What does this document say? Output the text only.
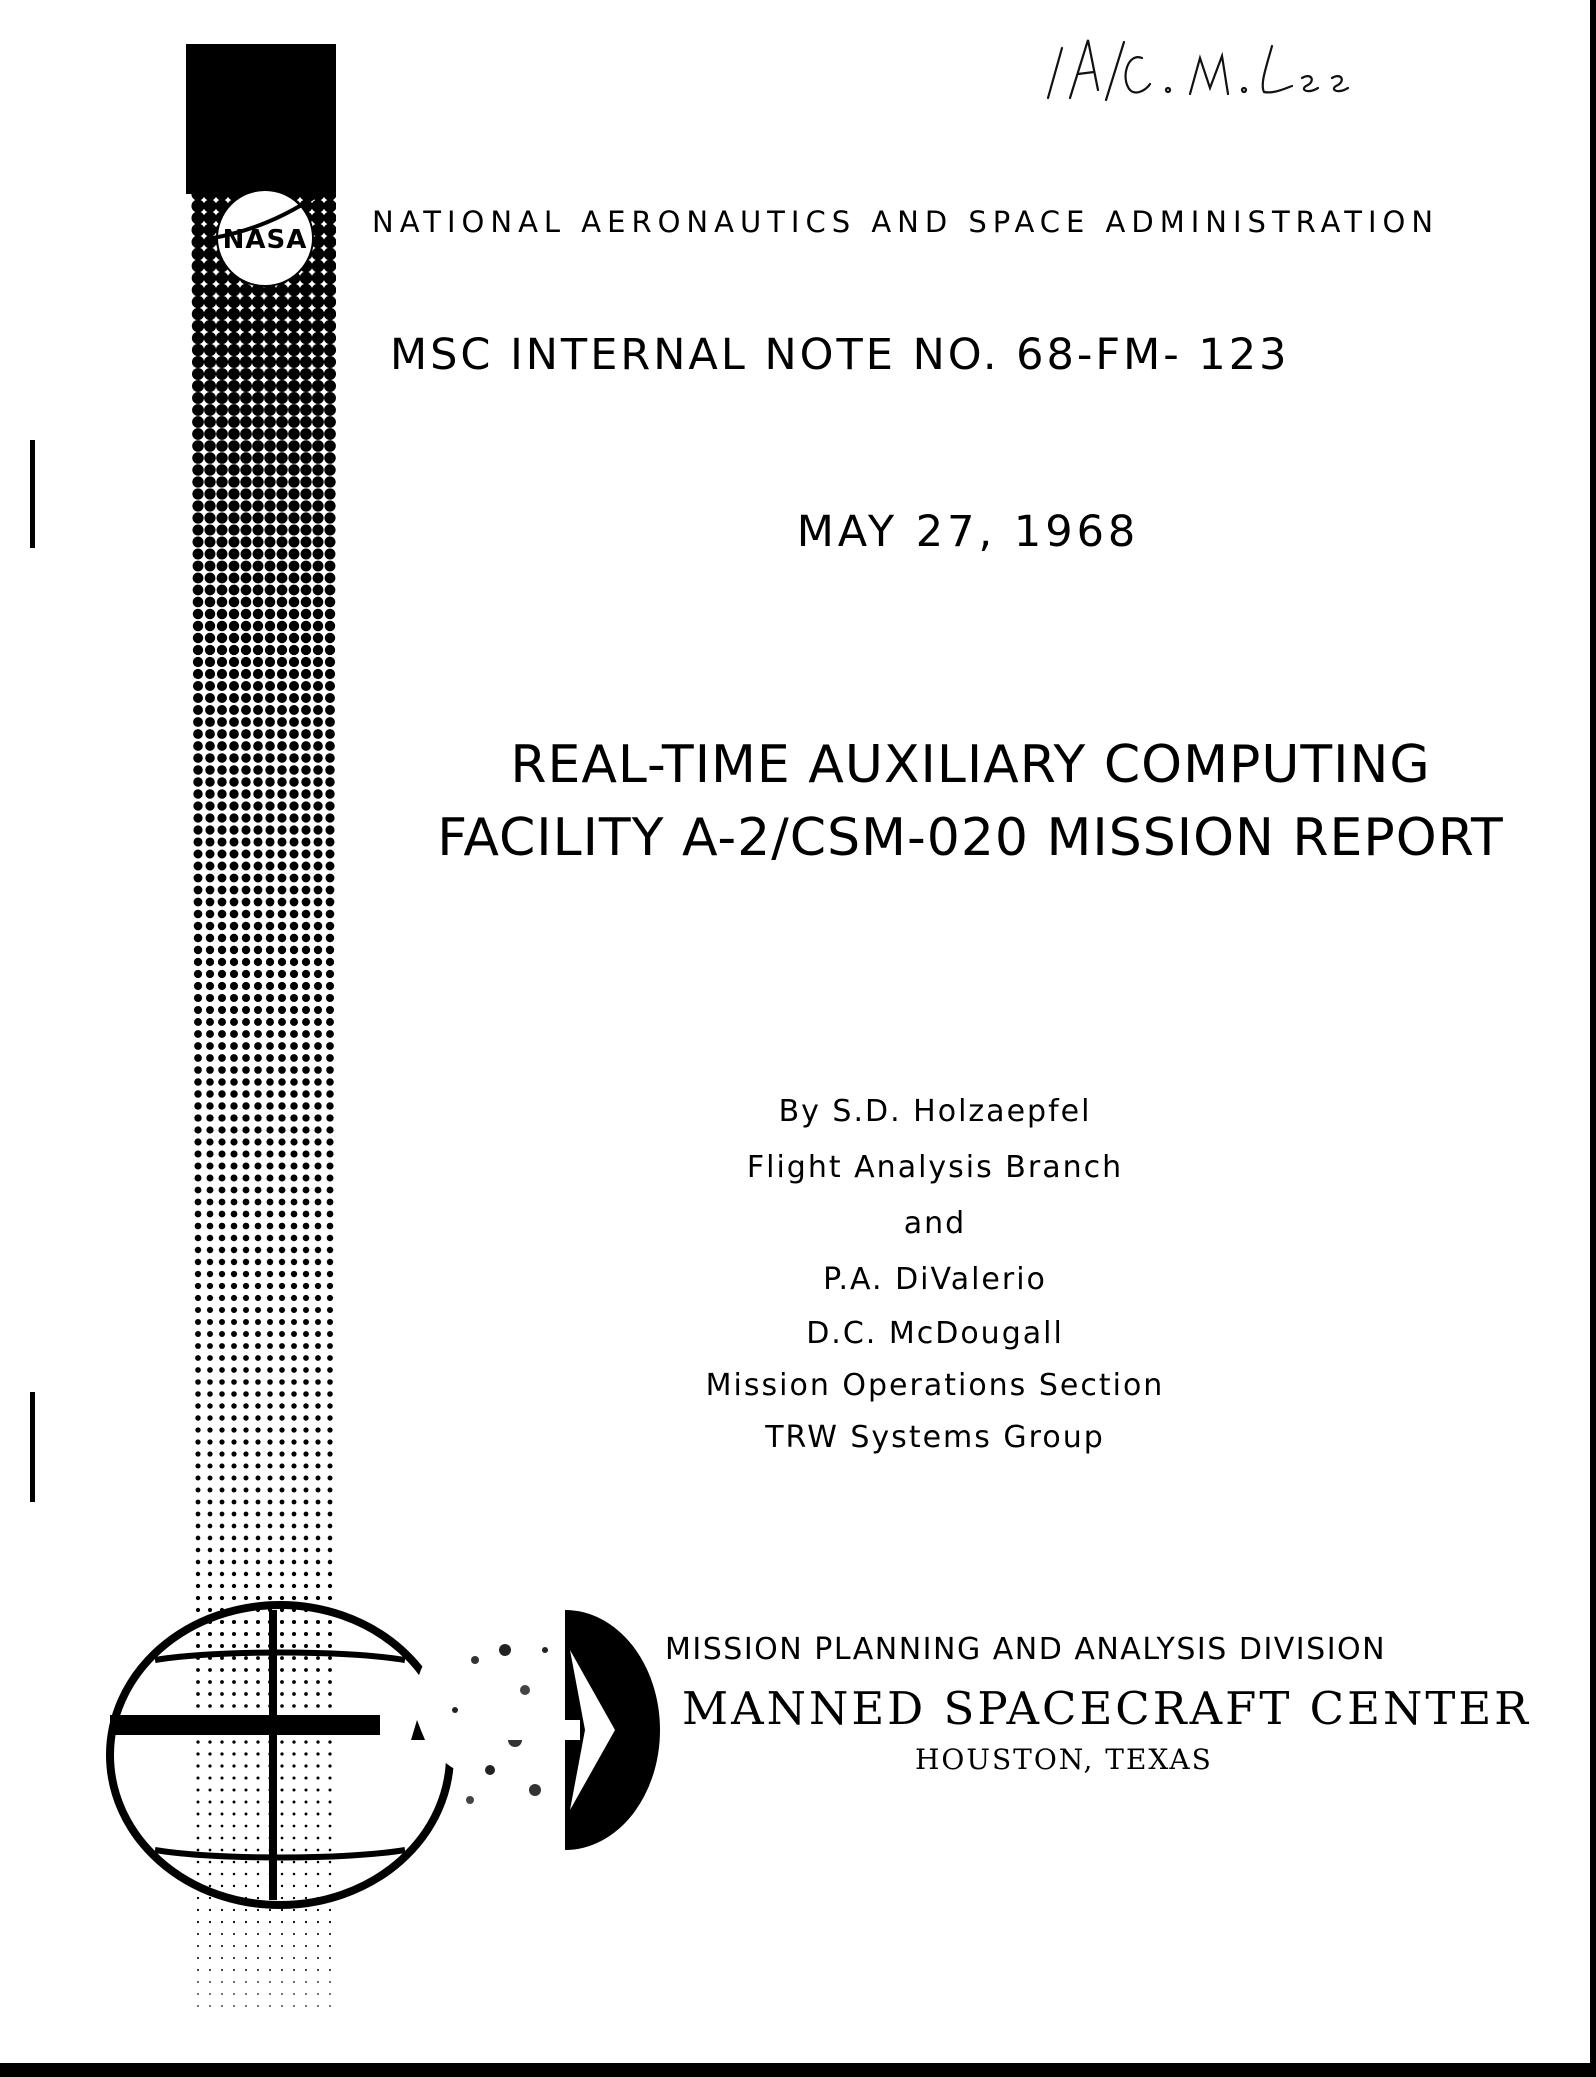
NASA
NATIONAL AERONAUTICS AND SPACE ADMINISTRATION
MSC INTERNAL NOTE NO. 68-FM- 123
MAY 27, 1968
REAL-TIME AUXILIARY COMPUTING
FACILITY A-2/CSM-020 MISSION REPORT
By S.D. Holzaepfel
Flight Analysis Branch
and
P.A. DiValerio
D.C. McDougall
Mission Operations Section
TRW Systems Group
MISSION PLANNING AND ANALYSIS DIVISION
MANNED SPACECRAFT CENTER
HOUSTON, TEXAS
